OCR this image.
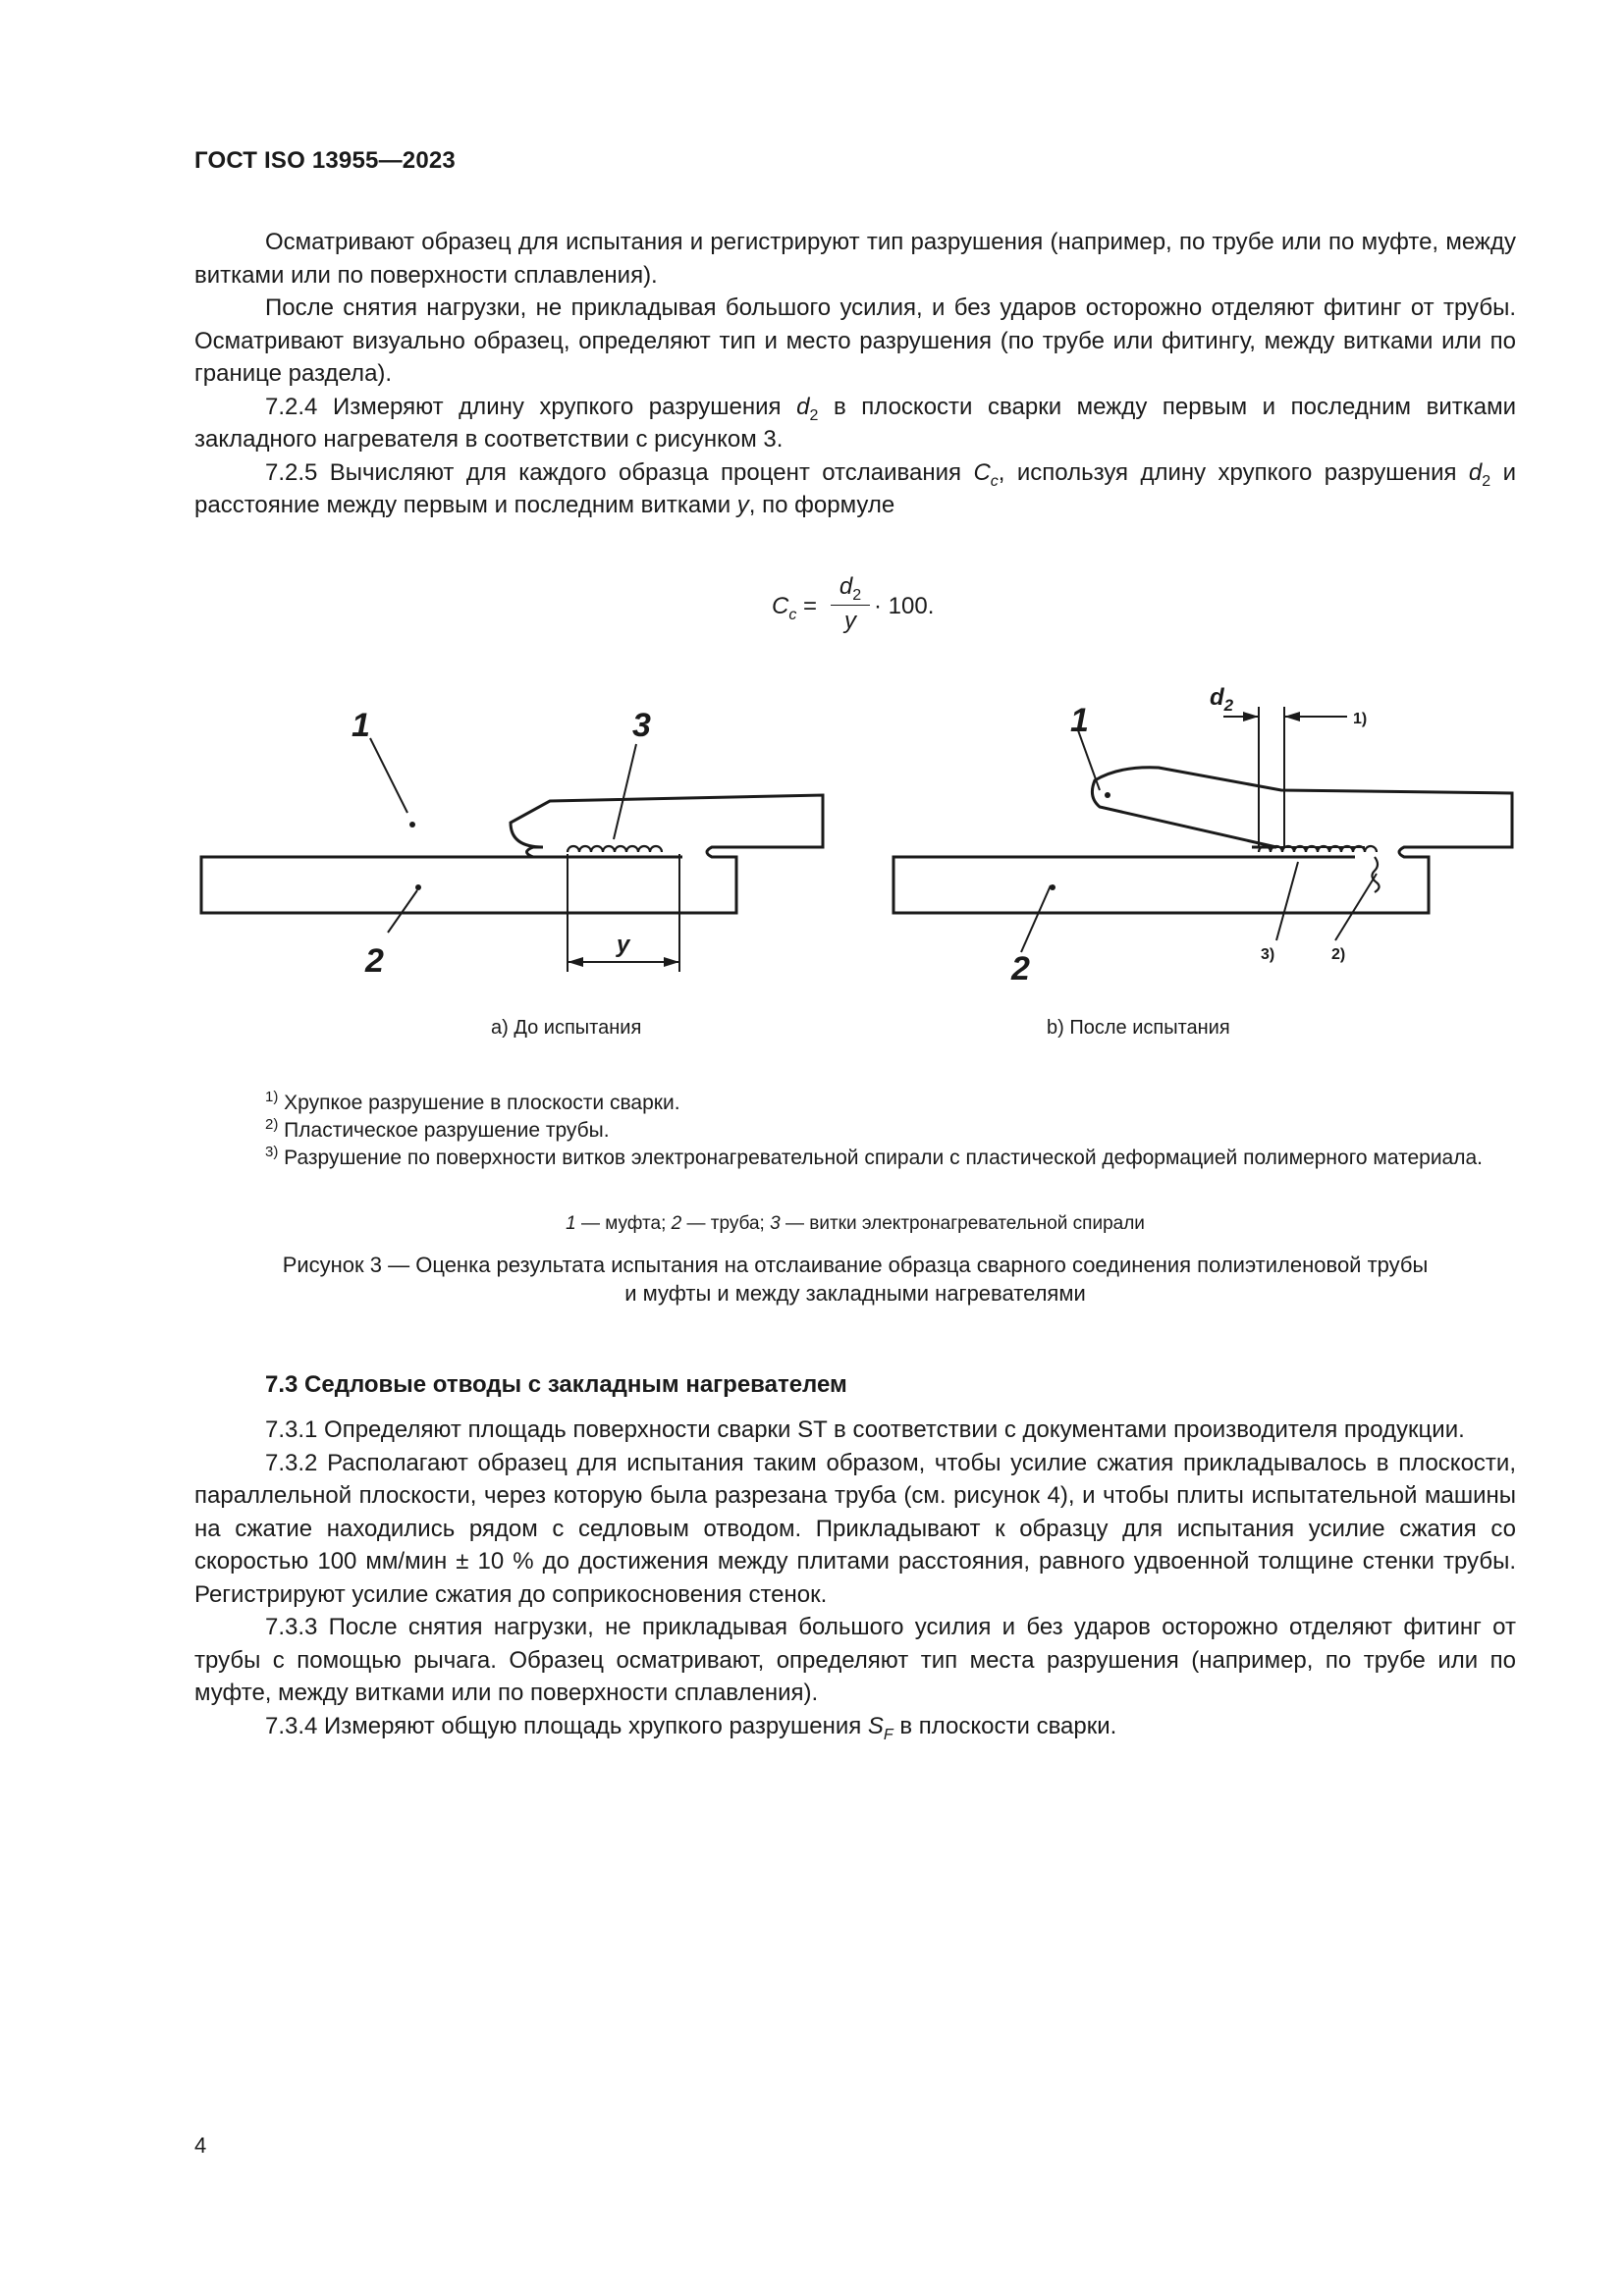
ГОСТ ISO 13955—2023

Осматривают образец для испытания и регистрируют тип разрушения (например, по трубе или по муфте, между витками или по поверхности сплавления).

После снятия нагрузки, не прикладывая большого усилия, и без ударов осторожно отделяют фитинг от трубы. Осматривают визуально образец, определяют тип и место разрушения (по трубе или фитингу, между витками или по границе раздела).

7.2.4 Измеряют длину хрупкого разрушения $d_2$ в плоскости сварки между первым и последним витками закладного нагревателя в соответствии с рисунком 3.

7.2.5 Вычисляют для каждого образца процент отслаивания $C_c$, используя длину хрупкого разрушения $d_2$ и расстояние между первым и последним витками y, по формуле

$C_c$ =
$d_2$
y
· 100.
1
2
3
y
1
2
$d_2$
1)
3)	2)
а) До испытания	b) После испытания

$^{1)}$ Хрупкое разрушение в плоскости сварки.

$^{2)}$ Пластическое разрушение трубы.

$^{3)}$ Разрушение по поверхности витков электронагревательной спирали с пластической деформацией полимерного материала.

1 — муфта; 2 — труба; 3 — витки электронагревательной спирали
Рисунок 3 — Оценка результата испытания на отслаивание образца сварного соединения полиэтиленовой трубы
и муфты и между закладными нагревателями
7.3 Седловые отводы с закладным нагревателем

7.3.1 Определяют площадь поверхности сварки ST в соответствии с документами производителя продукции.

7.3.2 Располагают образец для испытания таким образом, чтобы усилие сжатия прикладывалось в плоскости, параллельной плоскости, через которую была разрезана труба (см. рисунок 4), и чтобы плиты испытательной машины на сжатие находились рядом с седловым отводом. Прикладывают к образцу для испытания усилие сжатия со скоростью 100 мм/мин ± 10 % до достижения между плитами расстояния, равного удвоенной толщине стенки трубы. Регистрируют усилие сжатия до соприкосновения стенок.

7.3.3 После снятия нагрузки, не прикладывая большого усилия и без ударов осторожно отделяют фитинг от трубы с помощью рычага. Образец осматривают, определяют тип места разрушения (например, по трубе или по муфте, между витками или по поверхности сплавления).

7.3.4 Измеряют общую площадь хрупкого разрушения $S_F$ в плоскости сварки.

4
